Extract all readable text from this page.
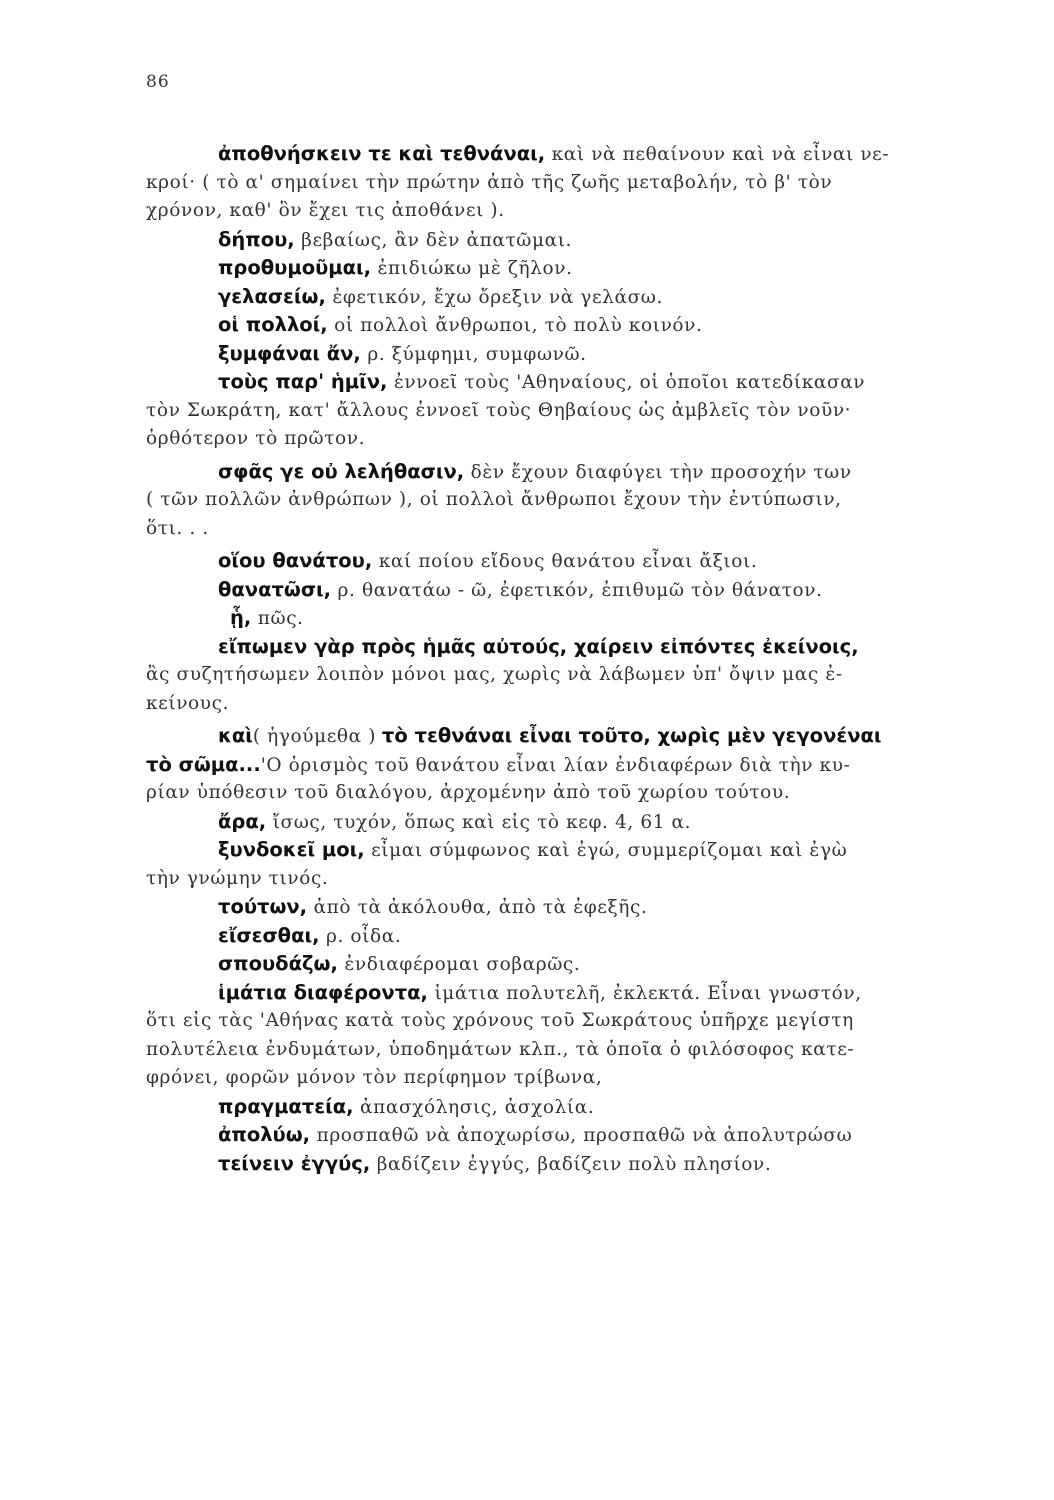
86
ἀποθνήσκειν τε καὶ τεθνάναι, καὶ νὰ πεθαίνουν καὶ νὰ εἶναι νε-
κροί· ( τὸ α' σημαίνει τὴν πρώτην ἀπὸ τῆς ζωῆς μεταβολήν, τὸ β' τὸν
χρόνον, καθ' ὃν ἔχει τις ἀποθάνει ).
δήπου, βεβαίως, ἂν δὲν ἀπατῶμαι.
προθυμοῦμαι, ἐπιδιώκω μὲ ζῆλον.
γελασείω, ἐφετικόν, ἔχω ὄρεξιν νὰ γελάσω.
οἱ πολλοί, οἱ πολλοὶ ἄνθρωποι, τὸ πολὺ κοινόν.
ξυμφάναι ἄν, ρ. ξύμφημι, συμφωνῶ.
τοὺς παρ' ἡμῖν, ἐννοεῖ τοὺς 'Αθηναίους, οἱ ὁποῖοι κατεδίκασαν
τὸν Σωκράτη, κατ' ἄλλους ἐννοεῖ τοὺς Θηβαίους ὡς ἀμβλεῖς τὸν νοῦν·
ὀρθότερον τὸ πρῶτον.
σφᾶς γε οὐ λελήθασιν, δὲν ἔχουν διαφύγει τὴν προσοχήν των
( τῶν πολλῶν ἀνθρώπων ), οἱ πολλοὶ ἄνθρωποι ἔχουν τὴν ἐντύπωσιν,
ὅτι. . .
οἵου θανάτου, καί ποίου εἴδους θανάτου εἶναι ἄξιοι.
θανατῶσι, ρ. θανατάω - ῶ, ἐφετικόν, ἐπιθυμῶ τὸν θάνατον.
ᾗ, πῶς.
εἴπωμεν γὰρ πρὸς ἡμᾶς αὐτούς, χαίρειν εἰπόντες ἐκείνοις,
ἂς συζητήσωμεν λοιπὸν μόνοι μας, χωρὶς νὰ λάβωμεν ὑπ' ὄψιν μας ἐ-
κείνους.
καὶ( ἡγούμεθα ) τὸ τεθνάναι εἶναι τοῦτο, χωρὶς μὲν γεγονέναι
τὸ σῶμα...'Ο ὁρισμὸς τοῦ θανάτου εἶναι λίαν ἐνδιαφέρων διὰ τὴν κυ-
ρίαν ὑπόθεσιν τοῦ διαλόγου, ἀρχομένην ἀπὸ τοῦ χωρίου τούτου.
ἄρα, ἴσως, τυχόν, ὅπως καὶ εἰς τὸ κεφ. 4, 61 α.
ξυνδοκεῖ μοι, εἶμαι σύμφωνος καὶ ἐγώ, συμμερίζομαι καὶ ἐγὼ
τὴν γνώμην τινός.
τούτων, ἀπὸ τὰ ἀκόλουθα, ἀπὸ τὰ ἐφεξῆς.
εἴσεσθαι, ρ. οἶδα.
σπουδάζω, ἐνδιαφέρομαι σοβαρῶς.
ἱμάτια διαφέροντα, ἱμάτια πολυτελῆ, ἐκλεκτά. Εἶναι γνωστόν,
ὅτι εἰς τὰς 'Αθήνας κατὰ τοὺς χρόνους τοῦ Σωκράτους ὑπῆρχε μεγίστη
πολυτέλεια ἐνδυμάτων, ὑποδημάτων κλπ., τὰ ὁποῖα ὁ φιλόσοφος κατε-
φρόνει, φορῶν μόνον τὸν περίφημον τρίβωνα,
πραγματεία, ἀπασχόλησις, ἀσχολία.
ἀπολύω, προσπαθῶ νὰ ἀποχωρίσω, προσπαθῶ νὰ ἀπολυτρώσω
τείνειν ἐγγύς, βαδίζειν ἐγγύς, βαδίζειν πολὺ πλησίον.
